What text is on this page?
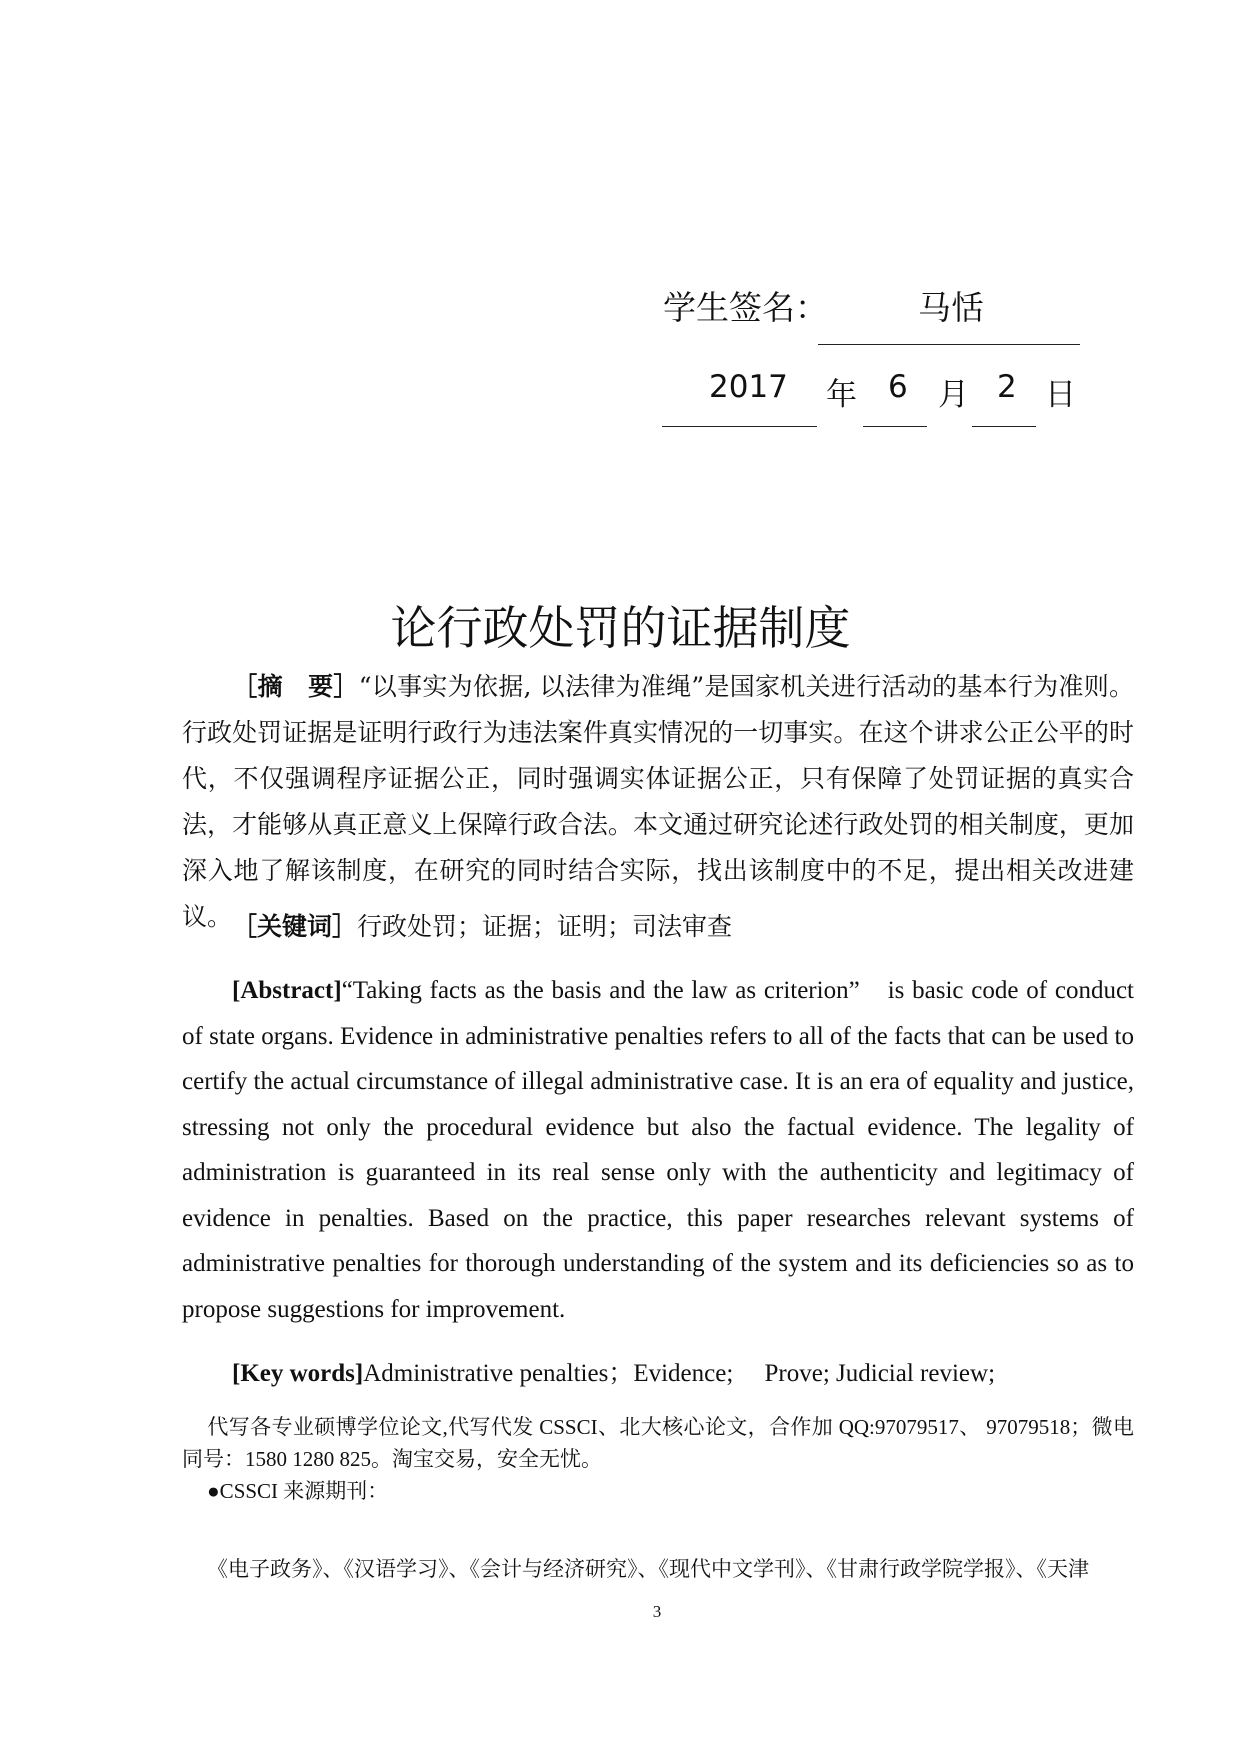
学生签名：	马恬
2017 年 6 月 2 日
论行政处罚的证据制度

［摘　要］“以事实为依据, 以法律为准绳”是国家机关进行活动的基本行为准则。行政处罚证据是证明行政行为违法案件真实情况的一切事实。在这个讲求公正公平的时代，不仅强调程序证据公正，同时强调实体证据公正，只有保障了处罚证据的真实合法，才能够从真正意义上保障行政合法。本文通过研究论述行政处罚的相关制度，更加深入地了解该制度，在研究的同时结合实际，找出该制度中的不足，提出相关改进建议。 ［关键词］行政处罚；证据；证明；司法审查

[Abstract]“Taking facts as the basis and the law as criterion”　is basic code of conduct of state organs. Evidence in administrative penalties refers to all of the facts that can be used to certify the actual circumstance of illegal administrative case. It is an era of equality and justice, stressing not only the procedural evidence but also the factual evidence. The legality of administration is guaranteed in its real sense only with the authenticity and legitimacy of evidence in penalties. Based on the practice, this paper researches relevant systems of administrative penalties for thorough understanding of the system and its deficiencies so as to propose suggestions for improvement.

[Key words]Administrative penalties；Evidence;　 Prove; Judicial review;

代写各专业硕博学位论文,代写代发 CSSCI、北大核心论文，合作加 QQ:97079517、 97079518；微电同号：1580 1280 825。淘宝交易，安全无忧。

●CSSCI 来源期刊：
《电子政务》、《汉语学习》、《会计与经济研究》、《现代中文学刊》、《甘肃行政学院学报》、《天津
3
